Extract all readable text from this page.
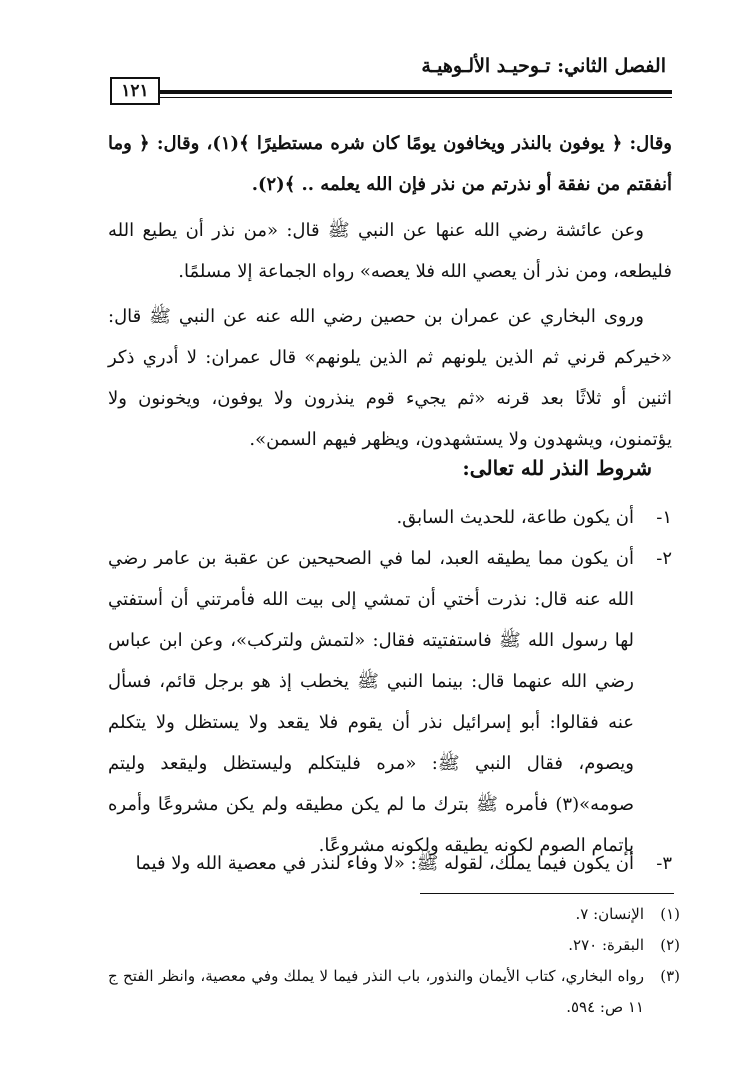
الفصل الثاني: تـوحيـد الألـوهيـة
١٢١

وقال: ﴿ يوفون بالنذر ويخافون يومًا كان شره مستطيرًا ﴾(١)، وقال: ﴿ وما أنفقتم من نفقة أو نذرتم من نذر فإن الله يعلمه .. ﴾(٢).

وعن عائشة رضي الله عنها عن النبي ﷺ قال: «من نذر أن يطيع الله فليطعه، ومن نذر أن يعصي الله فلا يعصه» رواه الجماعة إلا مسلمًا.

وروى البخاري عن عمران بن حصين رضي الله عنه عن النبي ﷺ قال: «خيركم قرني ثم الذين يلونهم ثم الذين يلونهم» قال عمران: لا أدري ذكر اثنين أو ثلاثًا بعد قرنه «ثم يجيء قوم ينذرون ولا يوفون، ويخونون ولا يؤتمنون، ويشهدون ولا يستشهدون، ويظهر فيهم السمن».

شروط النذر لله تعالى:
١-
أن يكون طاعة، للحديث السابق.
٢-
أن يكون مما يطيقه العبد، لما في الصحيحين عن عقبة بن عامر رضي الله عنه قال: نذرت أختي أن تمشي إلى بيت الله فأمرتني أن أستفتي لها رسول الله ﷺ فاستفتيته فقال: «لتمش ولتركب»، وعن ابن عباس رضي الله عنهما قال: بينما النبي ﷺ يخطب إذ هو برجل قائم، فسأل عنه فقالوا: أبو إسرائيل نذر أن يقوم فلا يقعد ولا يستظل ولا يتكلم ويصوم، فقال النبي ﷺ: «مره فليتكلم وليستظل وليقعد وليتم صومه»(٣) فأمره ﷺ بترك ما لم يكن مطيقه ولم يكن مشروعًا وأمره بإتمام الصوم لكونه يطيقه ولكونه مشروعًا.
٣-
أن يكون فيما يملك، لقوله ﷺ: «لا وفاء لنذر في معصية الله ولا فيما
(١)
الإنسان: ٧.
(٢)
البقرة: ٢٧٠.
(٣)
رواه البخاري، كتاب الأيمان والنذور، باب النذر فيما لا يملك وفي معصية، وانظر الفتح ج ١١ ص: ٥٩٤.
